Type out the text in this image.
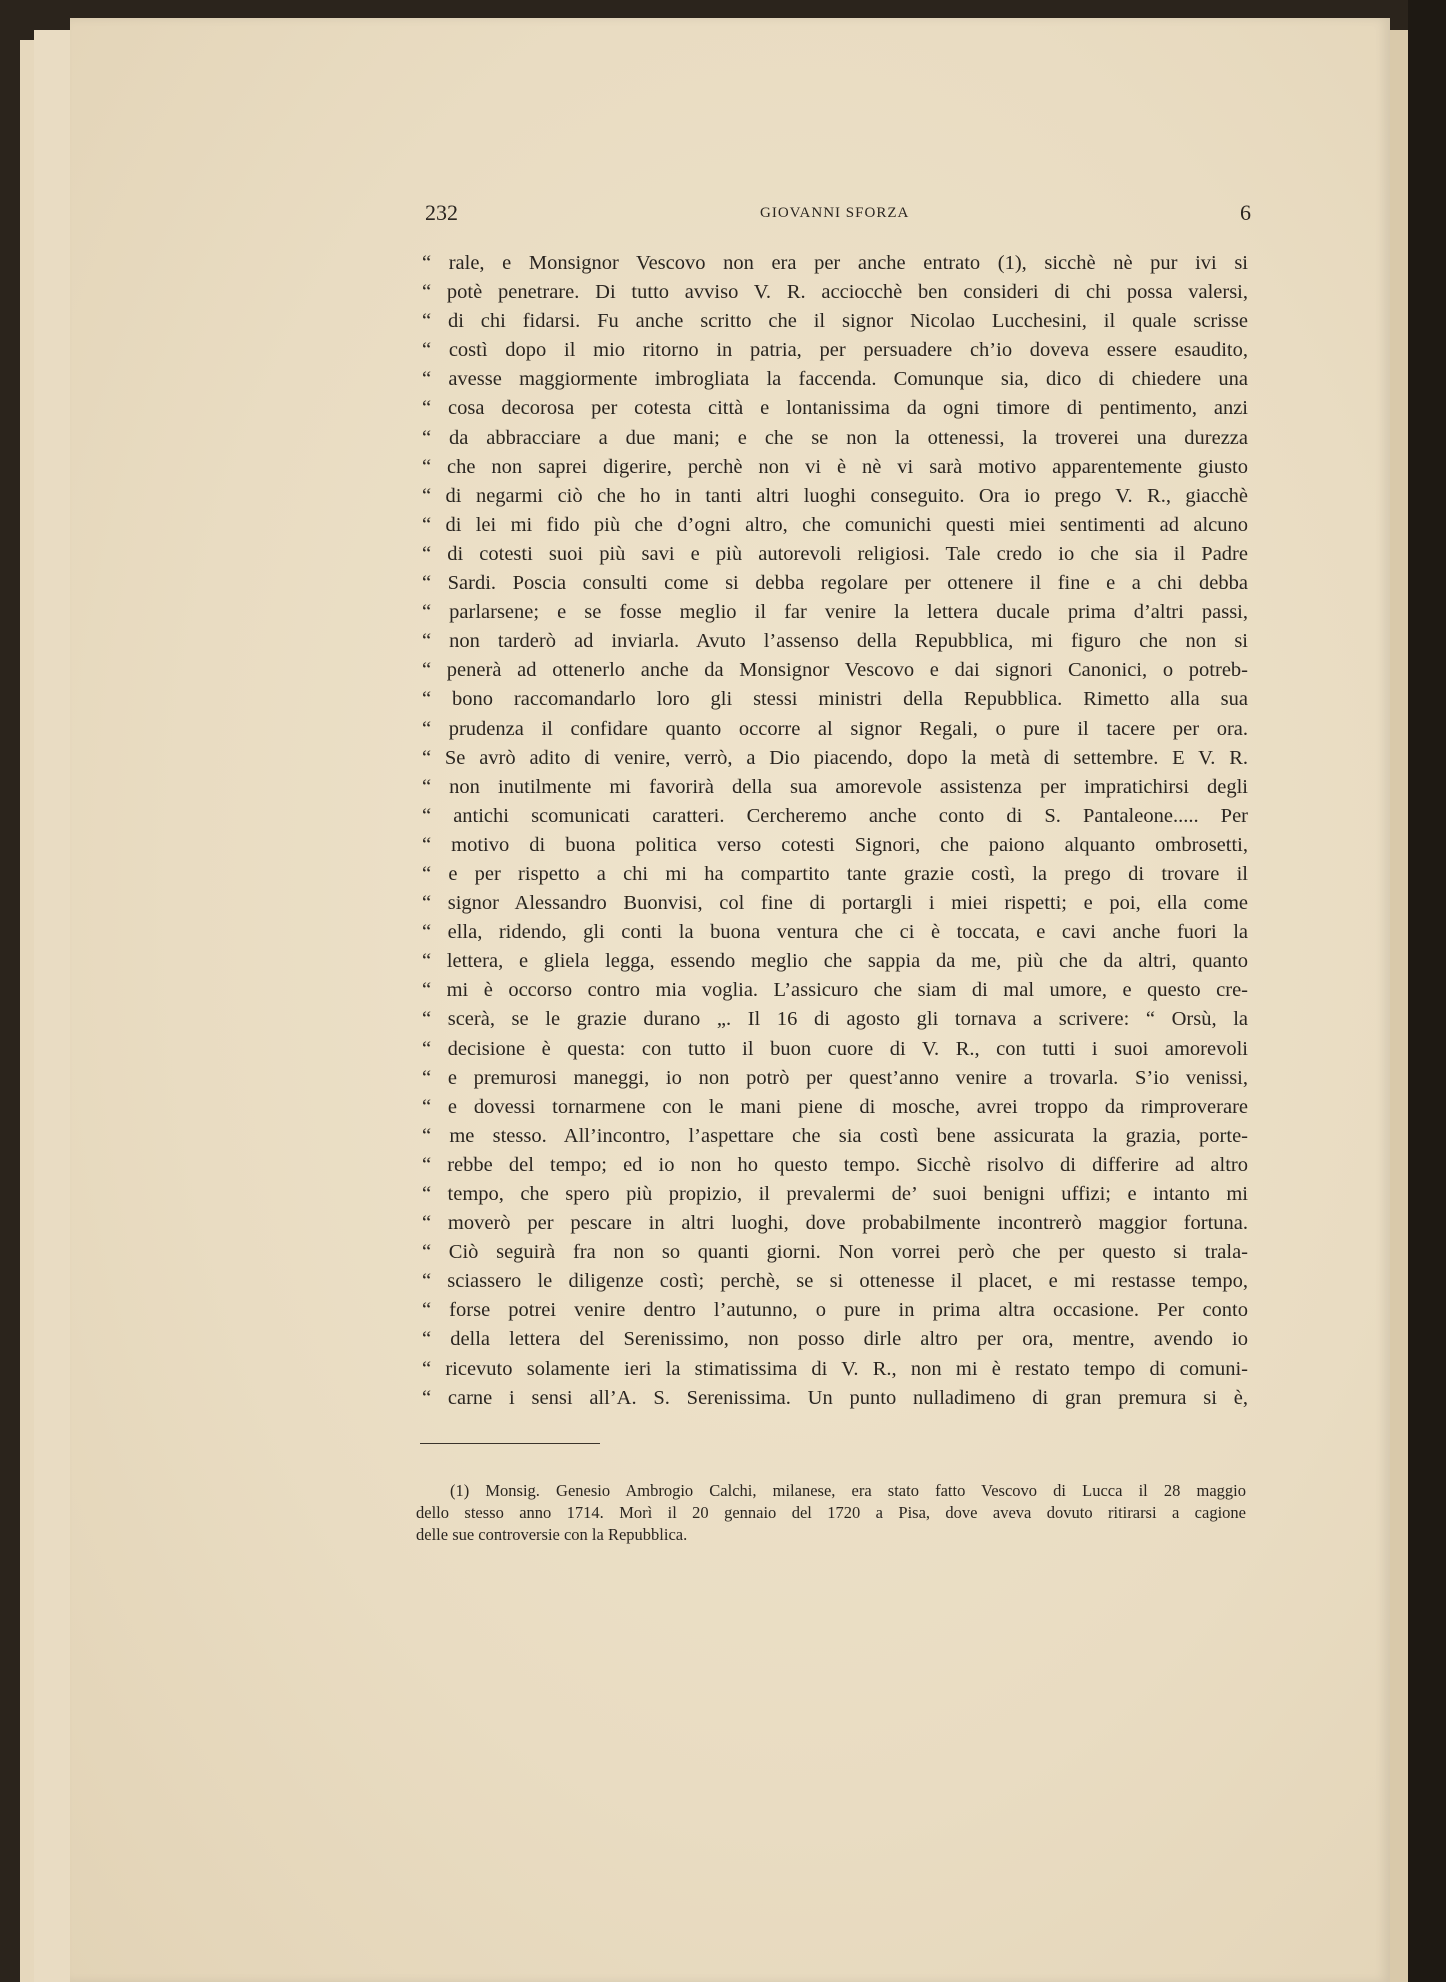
232	GIOVANNI SFORZA	6
“ rale, e Monsignor Vescovo non era per anche entrato (1), sicchè nè pur ivi si
“ potè penetrare. Di tutto avviso V. R. acciocchè ben consideri di chi possa valersi,
“ di chi fidarsi. Fu anche scritto che il signor Nicolao Lucchesini, il quale scrisse
“ costì dopo il mio ritorno in patria, per persuadere ch’io doveva essere esaudito,
“ avesse maggiormente imbrogliata la faccenda. Comunque sia, dico di chiedere una
“ cosa decorosa per cotesta città e lontanissima da ogni timore di pentimento, anzi
“ da abbracciare a due mani; e che se non la ottenessi, la troverei una durezza
“ che non saprei digerire, perchè non vi è nè vi sarà motivo apparentemente giusto
“ di negarmi ciò che ho in tanti altri luoghi conseguito. Ora io prego V. R., giacchè
“ di lei mi fido più che d’ogni altro, che comunichi questi miei sentimenti ad alcuno
“ di cotesti suoi più savi e più autorevoli religiosi. Tale credo io che sia il Padre
“ Sardi. Poscia consulti come si debba regolare per ottenere il fine e a chi debba
“ parlarsene; e se fosse meglio il far venire la lettera ducale prima d’altri passi,
“ non tarderò ad inviarla. Avuto l’assenso della Repubblica, mi figuro che non si
“ penerà ad ottenerlo anche da Monsignor Vescovo e dai signori Canonici, o potreb-
“ bono raccomandarlo loro gli stessi ministri della Repubblica. Rimetto alla sua
“ prudenza il confidare quanto occorre al signor Regali, o pure il tacere per ora.
“ Se avrò adito di venire, verrò, a Dio piacendo, dopo la metà di settembre. E V. R.
“ non inutilmente mi favorirà della sua amorevole assistenza per impratichirsi degli
“ antichi scomunicati caratteri. Cercheremo anche conto di S. Pantaleone..... Per
“ motivo di buona politica verso cotesti Signori, che paiono alquanto ombrosetti,
“ e per rispetto a chi mi ha compartito tante grazie costì, la prego di trovare il
“ signor Alessandro Buonvisi, col fine di portargli i miei rispetti; e poi, ella come
“ ella, ridendo, gli conti la buona ventura che ci è toccata, e cavi anche fuori la
“ lettera, e gliela legga, essendo meglio che sappia da me, più che da altri, quanto
“ mi è occorso contro mia voglia. L’assicuro che siam di mal umore, e questo cre-
“ scerà, se le grazie durano „. Il 16 di agosto gli tornava a scrivere: “ Orsù, la
“ decisione è questa: con tutto il buon cuore di V. R., con tutti i suoi amorevoli
“ e premurosi maneggi, io non potrò per quest’anno venire a trovarla. S’io venissi,
“ e dovessi tornarmene con le mani piene di mosche, avrei troppo da rimproverare
“ me stesso. All’incontro, l’aspettare che sia costì bene assicurata la grazia, porte-
“ rebbe del tempo; ed io non ho questo tempo. Sicchè risolvo di differire ad altro
“ tempo, che spero più propizio, il prevalermi de’ suoi benigni uffizi; e intanto mi
“ moverò per pescare in altri luoghi, dove probabilmente incontrerò maggior fortuna.
“ Ciò seguirà fra non so quanti giorni. Non vorrei però che per questo si trala-
“ sciassero le diligenze costì; perchè, se si ottenesse il placet, e mi restasse tempo,
“ forse potrei venire dentro l’autunno, o pure in prima altra occasione. Per conto
“ della lettera del Serenissimo, non posso dirle altro per ora, mentre, avendo io
“ ricevuto solamente ieri la stimatissima di V. R., non mi è restato tempo di comuni-
“ carne i sensi all’A. S. Serenissima. Un punto nulladimeno di gran premura si è,
(1) Monsig. Genesio Ambrogio Calchi, milanese, era stato fatto Vescovo di Lucca il 28 maggio
dello stesso anno 1714. Morì il 20 gennaio del 1720 a Pisa, dove aveva dovuto ritirarsi a cagione
delle sue controversie con la Repubblica.
